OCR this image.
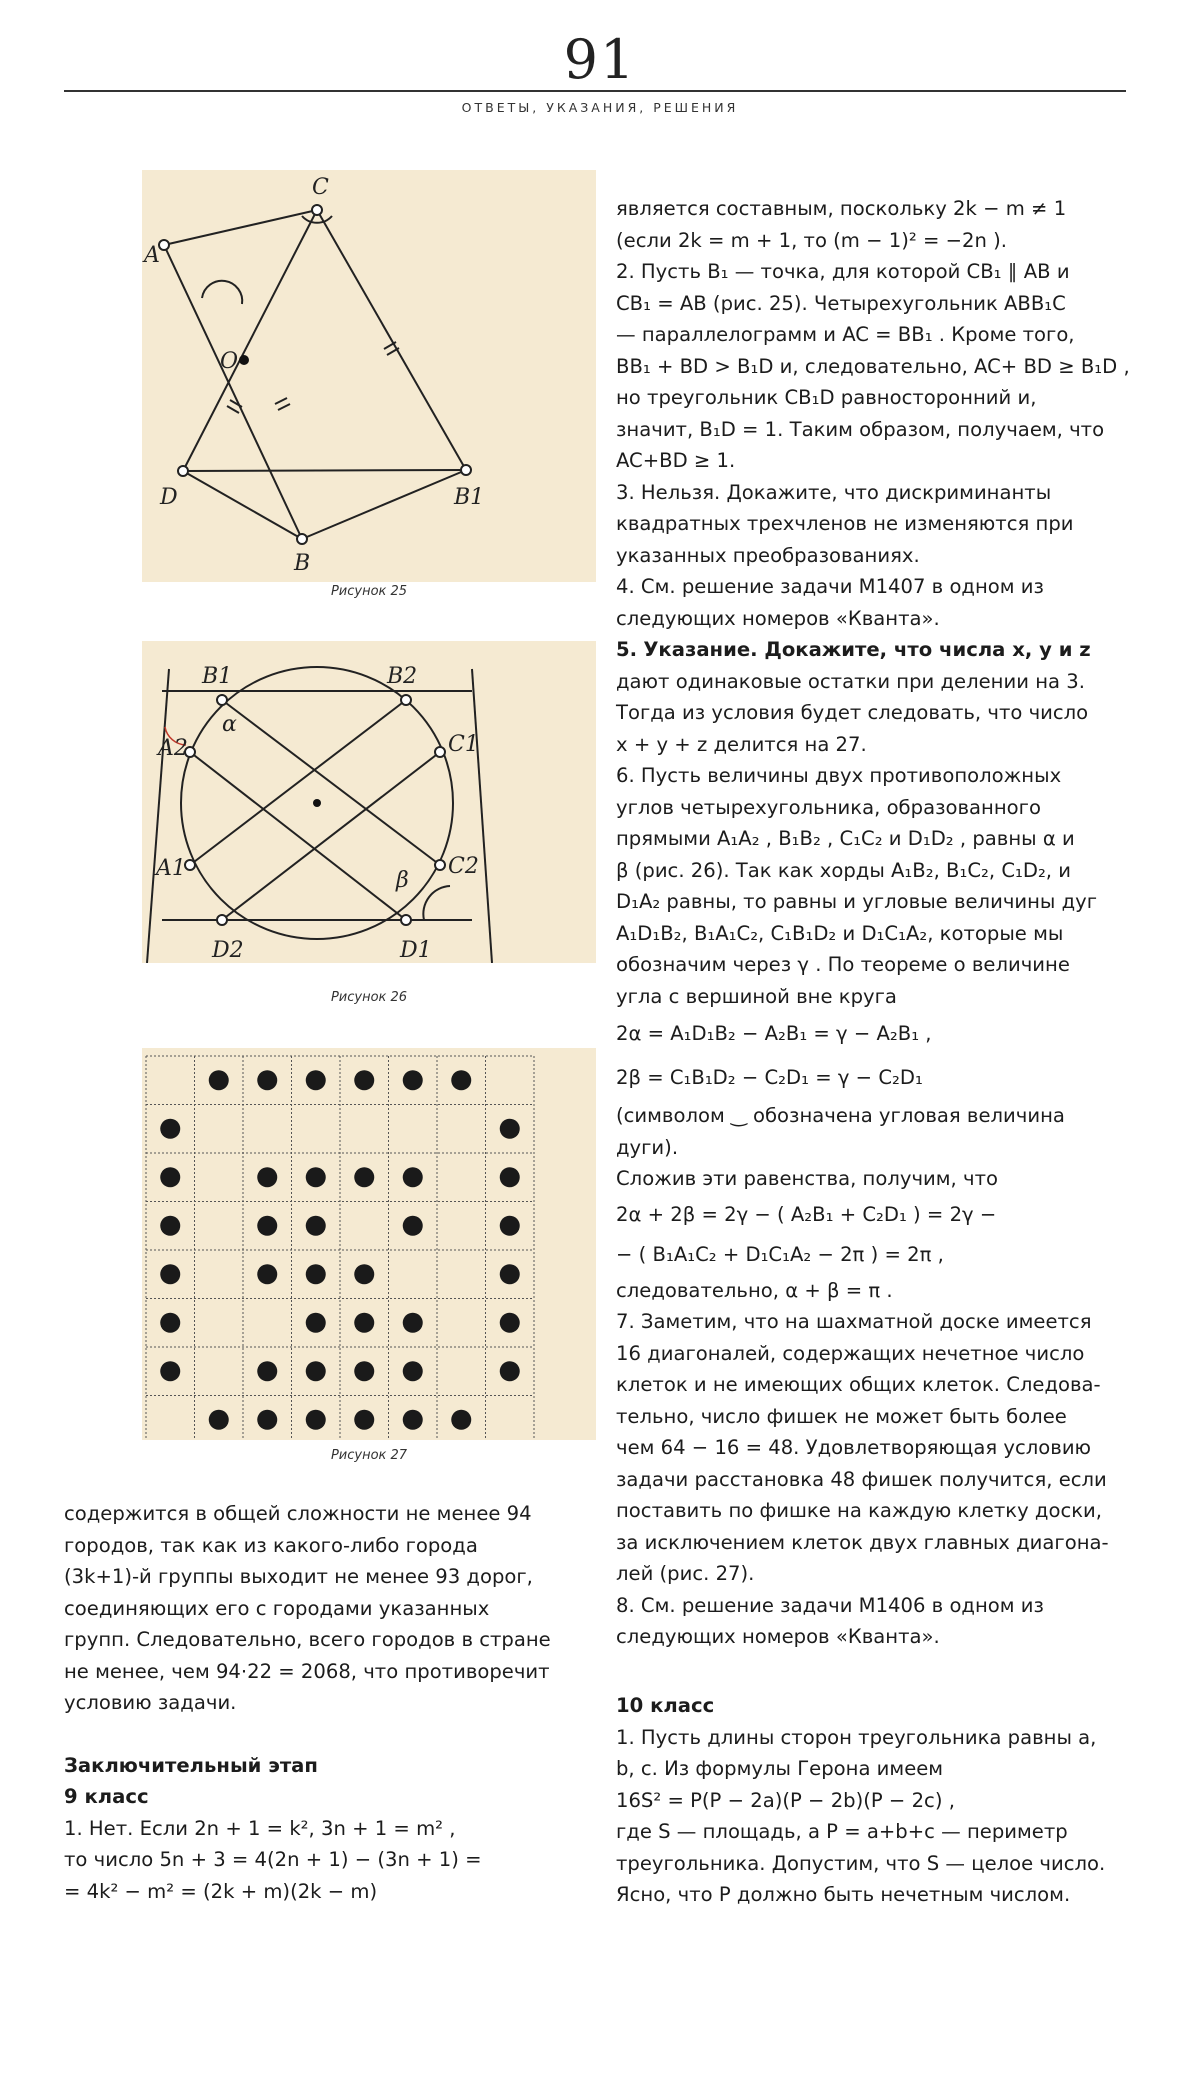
91
ОТВЕТЫ, УКАЗАНИЯ, РЕШЕНИЯ
C
A
O
D	B1
B
Рисунок 25
B1	B2
A2	C1
A1	C2
D2	D1
α
β
Рисунок 26
Рисунок 27
является составным, поскольку 2k − m ≠ 1
(если 2k = m + 1, то (m − 1)² = −2n ).
2. Пусть B₁ — точка, для которой CB₁ ∥ AB и
CB₁ = AB (рис. 25). Четырехугольник ABB₁C
— параллелограмм и AC = BB₁ . Кроме того,
BB₁ + BD > B₁D и, следовательно, AC+ BD ≥ B₁D ,
но треугольник CB₁D равносторонний и,
значит, B₁D = 1. Таким образом, получаем, что
AC+BD ≥ 1.
3. Нельзя. Докажите, что дискриминанты
квадратных трехчленов не изменяются при
указанных преобразованиях.
4. См. решение задачи М1407 в одном из
следующих номеров «Кванта».
5. Указание. Докажите, что числа x, y и z
дают одинаковые остатки при делении на 3.
Тогда из условия будет следовать, что число
x + y + z делится на 27.
6. Пусть величины двух противоположных
углов четырехугольника, образованного
прямыми A₁A₂ , B₁B₂ , C₁C₂ и D₁D₂ , равны α и
β (рис. 26). Так как хорды A₁B₂, B₁C₂, C₁D₂, и
D₁A₂ равны, то равны и угловые величины дуг
A₁D₁B₂, B₁A₁C₂, C₁B₁D₂ и D₁C₁A₂, которые мы
обозначим через γ . По теореме о величине
угла с вершиной вне круга
2α = A₁D₁B₂ − A₂B₁ = γ − A₂B₁ ,
2β = C₁B₁D₂ − C₂D₁ = γ − C₂D₁
(символом ‿ обозначена угловая величина
дуги).
Сложив эти равенства, получим, что
2α + 2β = 2γ − ( A₂B₁ + C₂D₁ ) = 2γ −
− ( B₁A₁C₂ + D₁C₁A₂ − 2π ) = 2π ,
следовательно, α + β = π .
7. Заметим, что на шахматной доске имеется
16 диагоналей, содержащих нечетное число
клеток и не имеющих общих клеток. Следова-
тельно, число фишек не может быть более
чем 64 − 16 = 48. Удовлетворяющая условию
задачи расстановка 48 фишек получится, если
поставить по фишке на каждую клетку доски,
за исключением клеток двух главных диагона-
лей (рис. 27).
8. См. решение задачи М1406 в одном из
следующих номеров «Кванта».
содержится в общей сложности не менее 94
городов, так как из какого-либо города
(3k+1)-й группы выходит не менее 93 дорог,
соединяющих его с городами указанных
групп. Следовательно, всего городов в стране
не менее, чем 94·22 = 2068, что противоречит
условию задачи.
Заключительный этап
9 класс
1. Нет. Если 2n + 1 = k², 3n + 1 = m² ,
то число 5n + 3 = 4(2n + 1) − (3n + 1) =
= 4k² − m² = (2k + m)(2k − m)
10 класс
1. Пусть длины сторон треугольника равны a,
b, c. Из формулы Герона имеем
16S² = P(P − 2a)(P − 2b)(P − 2c) ,
где S — площадь, а P = a+b+c — периметр
треугольника. Допустим, что S — целое число.
Ясно, что P должно быть нечетным числом.
